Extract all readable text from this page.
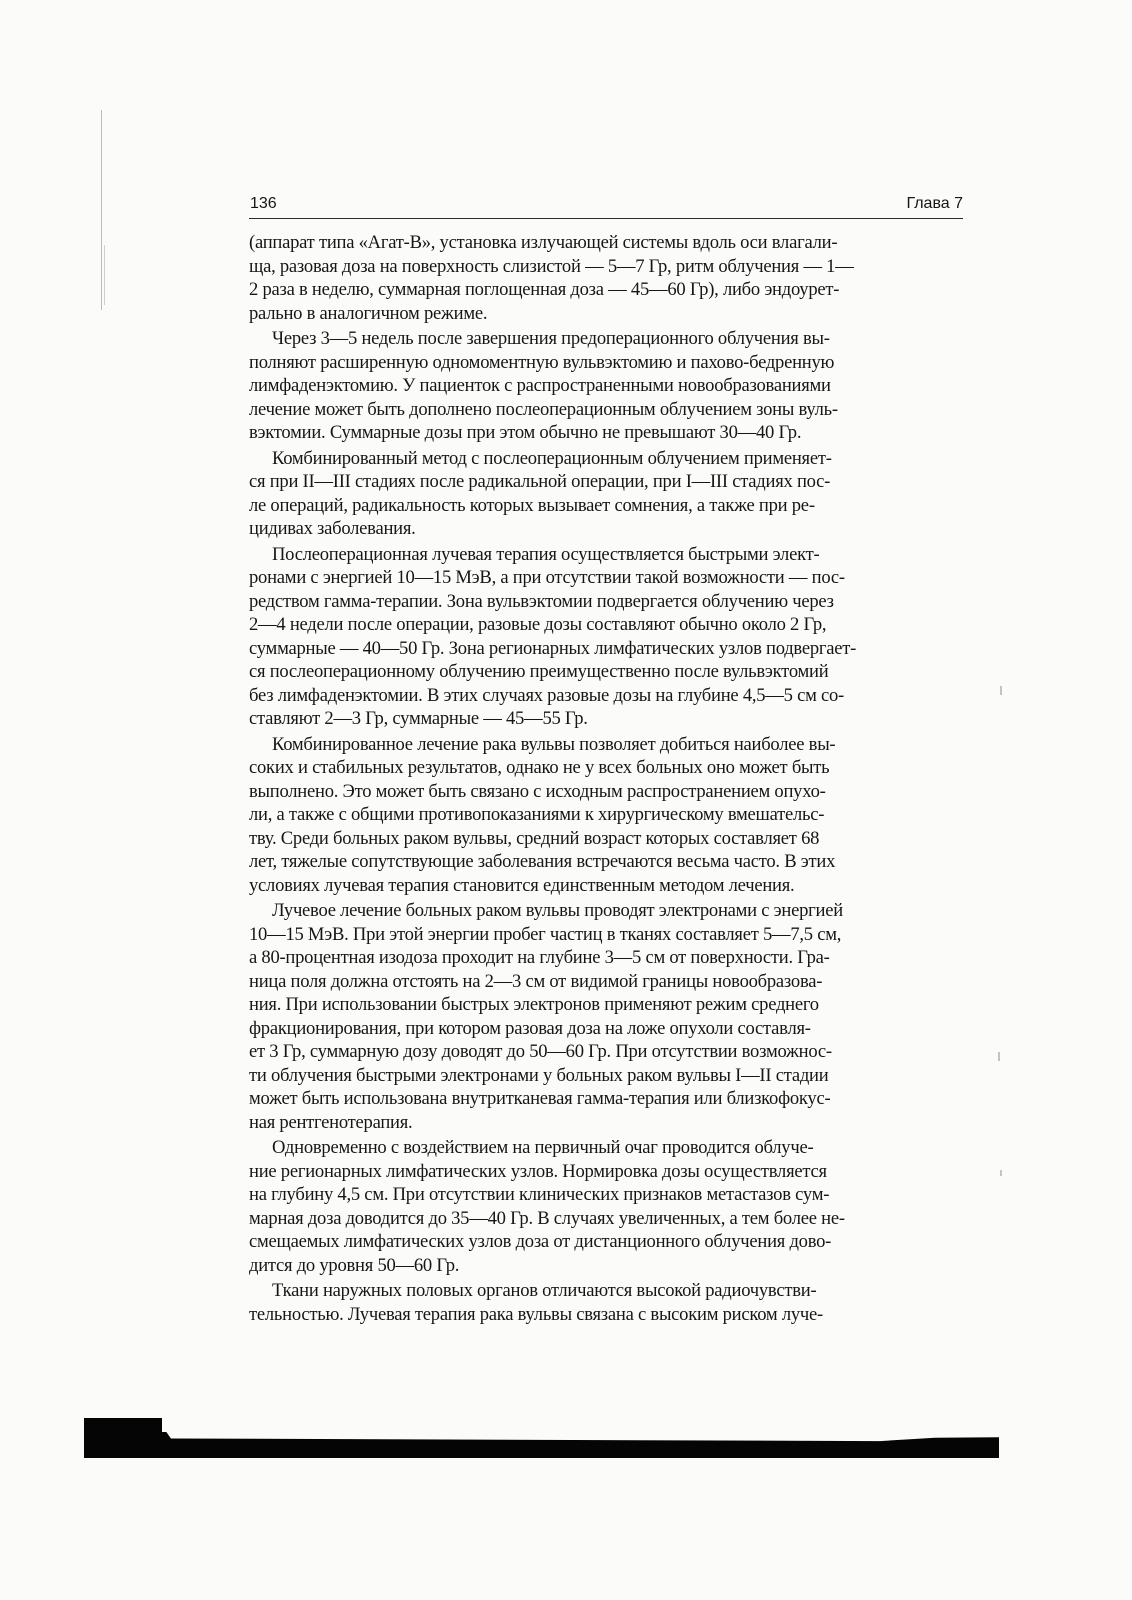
136	Глава 7
(аппарат типа «Агат-В», установка излучающей системы вдоль оси влагали-
ща, разовая доза на поверхность слизистой — 5—7 Гр, ритм облучения — 1—
2 раза в неделю, суммарная поглощенная доза — 45—60 Гр), либо эндоурет-
рально в аналогичном режиме.
Через 3—5 недель после завершения предоперационного облучения вы-
полняют расширенную одномоментную вульвэктомию и пахово-бедренную
лимфаденэктомию. У пациенток с распространенными новообразованиями
лечение может быть дополнено послеоперационным облучением зоны вуль-
вэктомии. Суммарные дозы при этом обычно не превышают 30—40 Гр.
Комбинированный метод с послеоперационным облучением применяет-
ся при II—III стадиях после радикальной операции, при I—III стадиях пос-
ле операций, радикальность которых вызывает сомнения, а также при ре-
цидивах заболевания.
Послеоперационная лучевая терапия осуществляется быстрыми элект-
ронами с энергией 10—15 МэВ, а при отсутствии такой возможности — пос-
редством гамма-терапии. Зона вульвэктомии подвергается облучению через
2—4 недели после операции, разовые дозы составляют обычно около 2 Гр,
суммарные — 40—50 Гр. Зона регионарных лимфатических узлов подвергает-
ся послеоперационному облучению преимущественно после вульвэктомий
без лимфаденэктомии. В этих случаях разовые дозы на глубине 4,5—5 см со-
ставляют 2—3 Гр, суммарные — 45—55 Гр.
Комбинированное лечение рака вульвы позволяет добиться наиболее вы-
соких и стабильных результатов, однако не у всех больных оно может быть
выполнено. Это может быть связано с исходным распространением опухо-
ли, а также с общими противопоказаниями к хирургическому вмешательс-
тву. Среди больных раком вульвы, средний возраст которых составляет 68
лет, тяжелые сопутствующие заболевания встречаются весьма часто. В этих
условиях лучевая терапия становится единственным методом лечения.
Лучевое лечение больных раком вульвы проводят электронами с энергией
10—15 МэВ. При этой энергии пробег частиц в тканях составляет 5—7,5 см,
а 80-процентная изодоза проходит на глубине 3—5 см от поверхности. Гра-
ница поля должна отстоять на 2—3 см от видимой границы новообразова-
ния. При использовании быстрых электронов применяют режим среднего
фракционирования, при котором разовая доза на ложе опухоли составля-
ет 3 Гр, суммарную дозу доводят до 50—60 Гр. При отсутствии возможнос-
ти облучения быстрыми электронами у больных раком вульвы I—II стадии
может быть использована внутритканевая гамма-терапия или близкофокус-
ная рентгенотерапия.
Одновременно с воздействием на первичный очаг проводится облуче-
ние регионарных лимфатических узлов. Нормировка дозы осуществляется
на глубину 4,5 см. При отсутствии клинических признаков метастазов сум-
марная доза доводится до 35—40 Гр. В случаях увеличенных, а тем более не-
смещаемых лимфатических узлов доза от дистанционного облучения дово-
дится до уровня 50—60 Гр.
Ткани наружных половых органов отличаются высокой радиочувстви-
тельностью. Лучевая терапия рака вульвы связана с высоким риском луче-
